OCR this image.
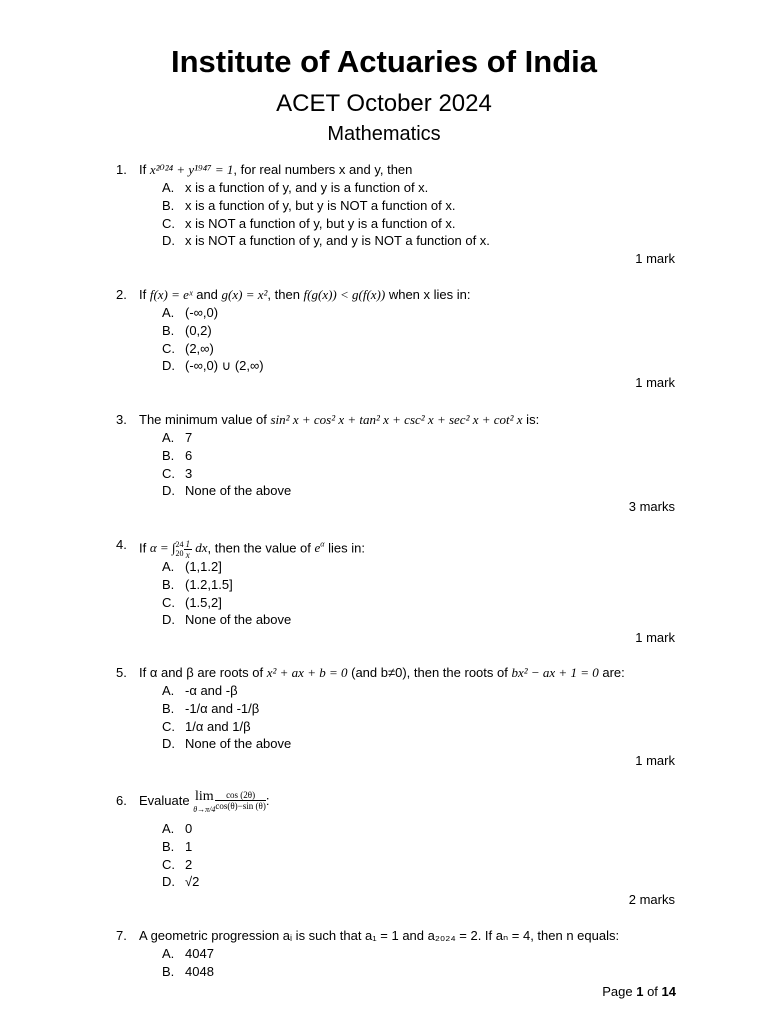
Institute of Actuaries of India
ACET October 2024
Mathematics
1. If x²⁰²⁴ + y¹⁹⁴⁷ = 1, for real numbers x and y, then
A. x is a function of y, and y is a function of x.
B. x is a function of y, but y is NOT a function of x.
C. x is NOT a function of y, but y is a function of x.
D. x is NOT a function of y, and y is NOT a function of x.
1 mark
2. If f(x) = eˣ and g(x) = x², then f(g(x)) < g(f(x)) when x lies in:
A. (-∞,0)
B. (0,2)
C. (2,∞)
D. (-∞,0) ∪ (2,∞)
1 mark
3. The minimum value of sin² x + cos² x + tan² x + csc² x + sec² x + cot² x is:
A. 7
B. 6
C. 3
D. None of the above
3 marks
4. If α = ∫ 24
$20 \frac{1}{x}$ dx, then the value of $e^\alpha$ lies in:
A. (1,1.2]
B. (1.2,1.5]
C. (1.5,2]
D. None of the above
1 mark
5. If α and β are roots of x² + ax + b = 0 (and b≠0), then the roots of bx² − ax + 1 = 0 are:
A. -α and -β
B. -1/α and -1/β
C. 1/α and 1/β
D. None of the above
1 mark
6. Evaluate lim
$\theta\to\pi/4 \frac{\cos (2\theta)}{\cos(\theta)-\sin (\theta)}$ :
A. 0
B. 1
C. 2
D. √2
2 marks
7. A geometric progression aᵢ is such that a₁ = 1 and a₂₀₂₄ = 2. If aₙ = 4, then n equals:
A. 4047
B. 4048
Page 1 of 14
